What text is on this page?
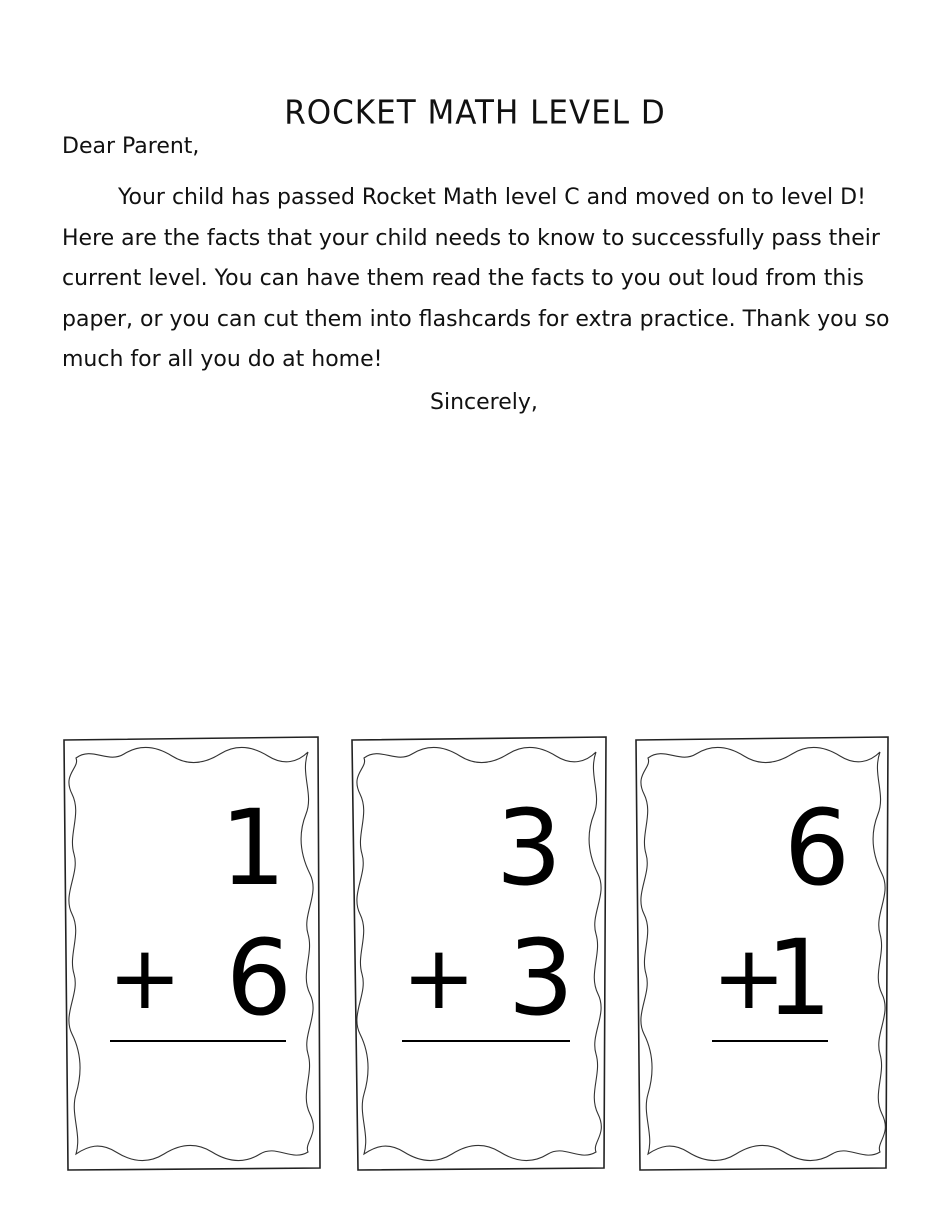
ROCKET MATH LEVEL D
Dear Parent,

Your child has passed Rocket Math level C and moved on to level D! Here are the facts that your child needs to know to successfully pass their current level. You can have them read the facts to you out loud from this paper, or you can cut them into flashcards for extra practice. Thank you so much for all you do at home!

Sincerely,
1
+ 6
3
+ 3
6
+
1
